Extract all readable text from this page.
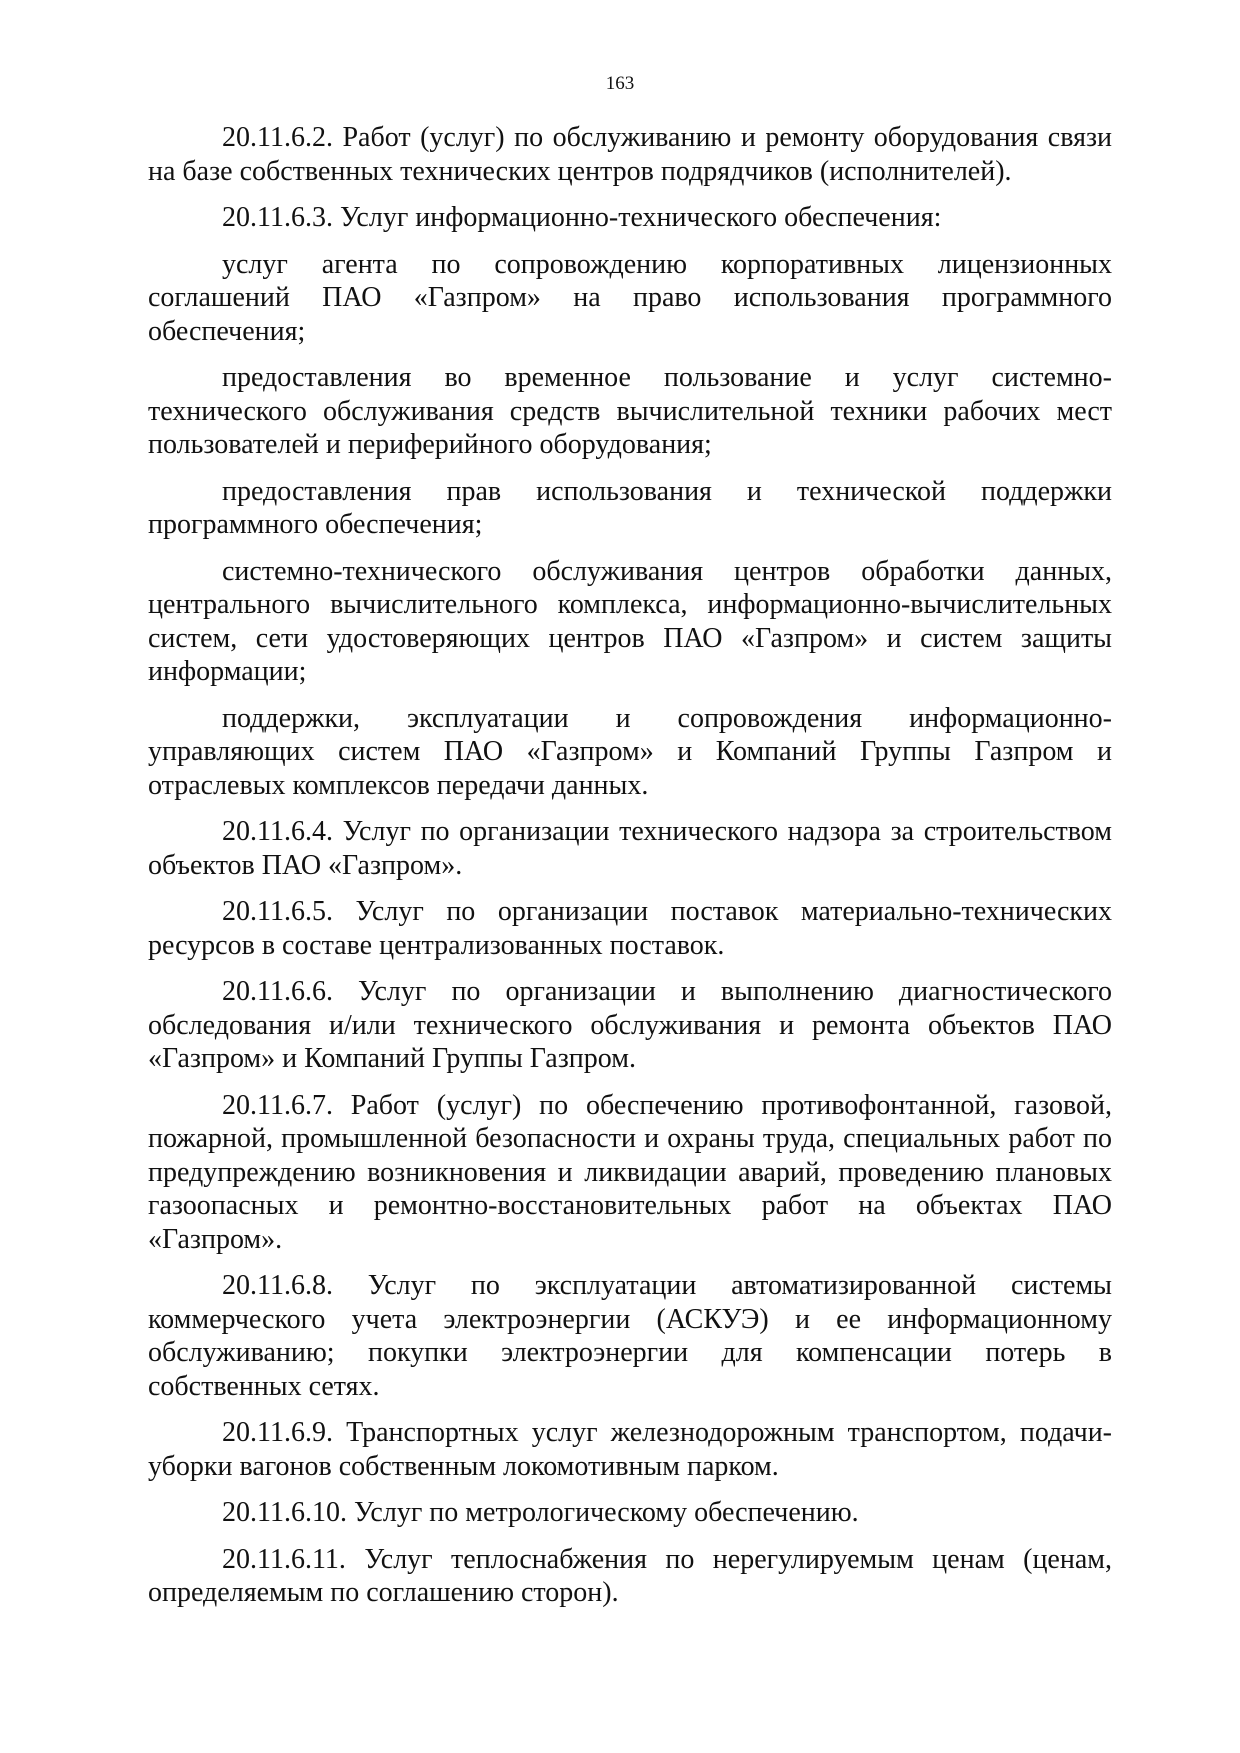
163

20.11.6.2. Работ (услуг) по обслуживанию и ремонту оборудования связи на базе собственных технических центров подрядчиков (исполнителей).

20.11.6.3. Услуг информационно-технического обеспечения:

услуг агента по сопровождению корпоративных лицензионных соглашений ПАО «Газпром» на право использования программного обеспечения;

предоставления во временное пользование и услуг системно-технического обслуживания средств вычислительной техники рабочих мест пользователей и периферийного оборудования;

предоставления прав использования и технической поддержки программного обеспечения;

системно-технического обслуживания центров обработки данных, центрального вычислительного комплекса, информационно-вычислительных систем, сети удостоверяющих центров ПАО «Газпром» и систем защиты информации;

поддержки, эксплуатации и сопровождения информационно-управляющих систем ПАО «Газпром» и Компаний Группы Газпром и отраслевых комплексов передачи данных.

20.11.6.4. Услуг по организации технического надзора за строительством объектов ПАО «Газпром».

20.11.6.5. Услуг по организации поставок материально-технических ресурсов в составе централизованных поставок.

20.11.6.6. Услуг по организации и выполнению диагностического обследования и/или технического обслуживания и ремонта объектов ПАО «Газпром» и Компаний Группы Газпром.

20.11.6.7. Работ (услуг) по обеспечению противофонтанной, газовой, пожарной, промышленной безопасности и охраны труда, специальных работ по предупреждению возникновения и ликвидации аварий, проведению плановых газоопасных и ремонтно-восстановительных работ на объектах ПАО «Газпром».

20.11.6.8. Услуг по эксплуатации автоматизированной системы коммерческого учета электроэнергии (АСКУЭ) и ее информационному обслуживанию; покупки электроэнергии для компенсации потерь в собственных сетях.

20.11.6.9. Транспортных услуг железнодорожным транспортом, подачи-уборки вагонов собственным локомотивным парком.

20.11.6.10. Услуг по метрологическому обеспечению.

20.11.6.11. Услуг теплоснабжения по нерегулируемым ценам (ценам, определяемым по соглашению сторон).
